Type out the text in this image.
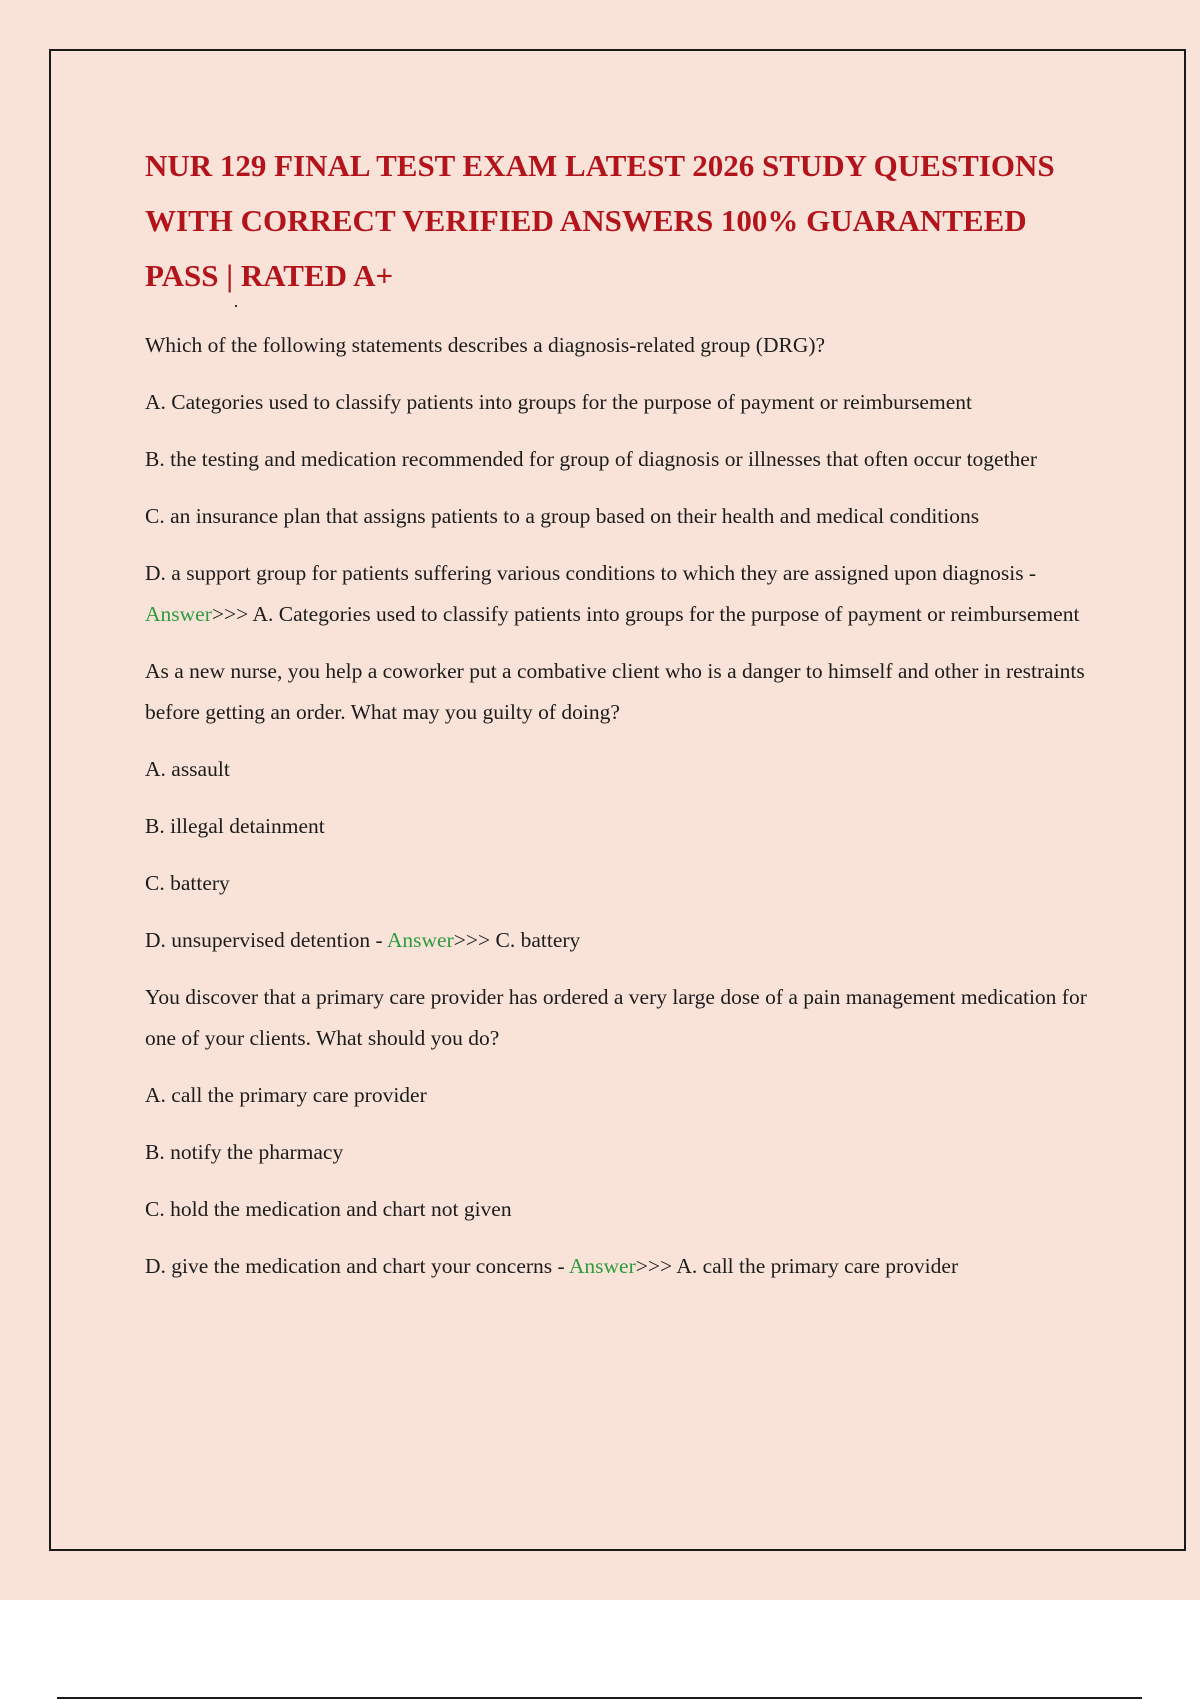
NUR 129 FINAL TEST EXAM LATEST 2026 STUDY QUESTIONS WITH CORRECT VERIFIED ANSWERS 100% GUARANTEED PASS | RATED A+

Which of the following statements describes a diagnosis-related group (DRG)?

A. Categories used to classify patients into groups for the purpose of payment or reimbursement

B. the testing and medication recommended for group of diagnosis or illnesses that often occur together

C. an insurance plan that assigns patients to a group based on their health and medical conditions

D. a support group for patients suffering various conditions to which they are assigned upon diagnosis - Answer>>> A. Categories used to classify patients into groups for the purpose of payment or reimbursement

As a new nurse, you help a coworker put a combative client who is a danger to himself and other in restraints before getting an order. What may you guilty of doing?

A. assault

B. illegal detainment

C. battery

D. unsupervised detention - Answer>>> C. battery

You discover that a primary care provider has ordered a very large dose of a pain management medication for one of your clients. What should you do?

A. call the primary care provider

B. notify the pharmacy

C. hold the medication and chart not given

D. give the medication and chart your concerns - Answer>>> A. call the primary care provider
